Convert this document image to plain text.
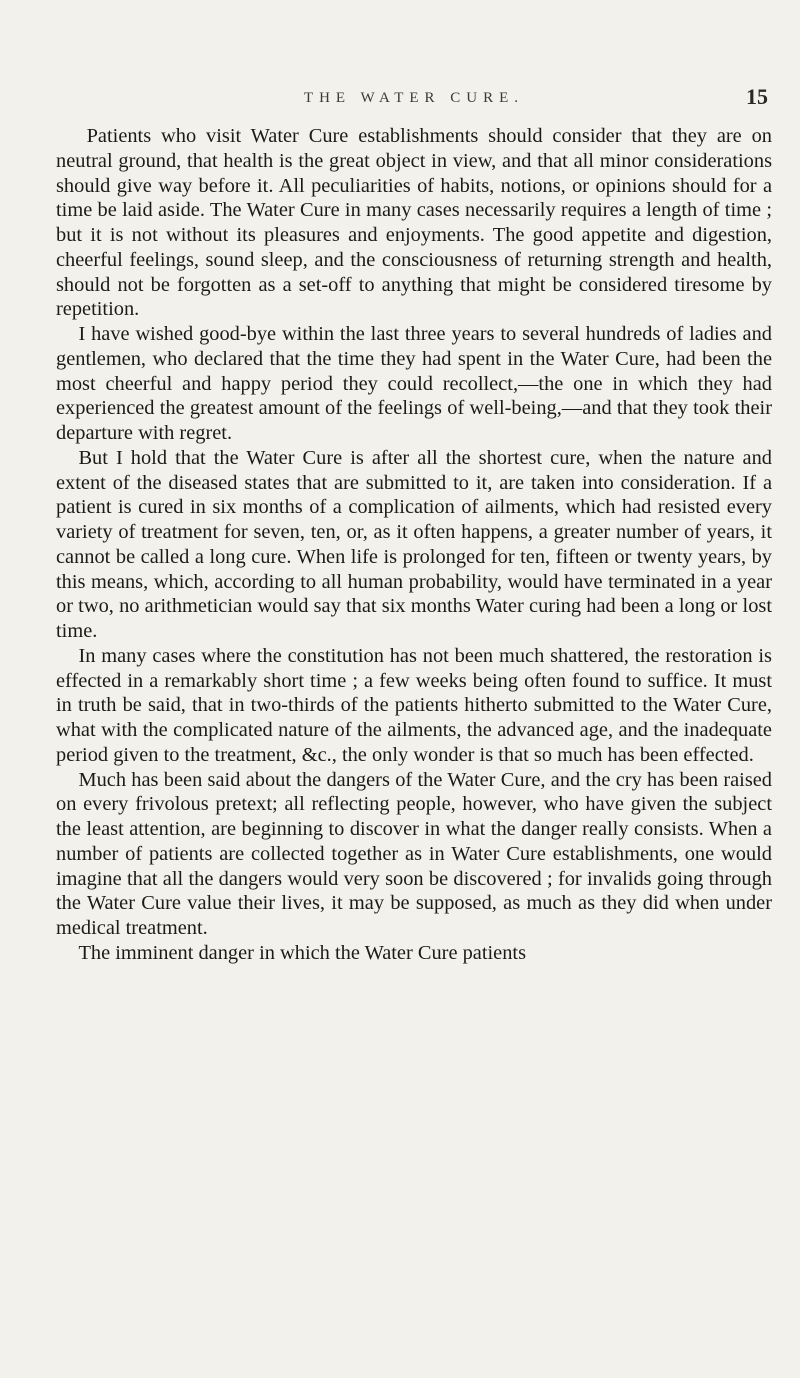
THE WATER CURE.	15

Patients who visit Water Cure establishments should consider that they are on neutral ground, that health is the great object in view, and that all minor considerations should give way before it. All peculiarities of habits, notions, or opinions should for a time be laid aside. The Water Cure in many cases necessarily requires a length of time ; but it is not without its pleasures and enjoyments. The good appetite and digestion, cheerful feelings, sound sleep, and the consciousness of returning strength and health, should not be forgotten as a set-off to anything that might be considered tiresome by repetition.

I have wished good-bye within the last three years to several hundreds of ladies and gentlemen, who declared that the time they had spent in the Water Cure, had been the most cheerful and happy period they could recollect,—the one in which they had experienced the greatest amount of the feelings of well-being,—and that they took their departure with regret.

But I hold that the Water Cure is after all the shortest cure, when the nature and extent of the diseased states that are submitted to it, are taken into consideration. If a patient is cured in six months of a complication of ailments, which had resisted every variety of treatment for seven, ten, or, as it often happens, a greater number of years, it cannot be called a long cure. When life is prolonged for ten, fifteen or twenty years, by this means, which, according to all human probability, would have terminated in a year or two, no arithmetician would say that six months Water curing had been a long or lost time.

In many cases where the constitution has not been much shattered, the restoration is effected in a remarkably short time ; a few weeks being often found to suffice. It must in truth be said, that in two-thirds of the patients hitherto submitted to the Water Cure, what with the complicated nature of the ailments, the advanced age, and the inadequate period given to the treatment, &c., the only wonder is that so much has been effected.

Much has been said about the dangers of the Water Cure, and the cry has been raised on every frivolous pretext; all reflecting people, however, who have given the subject the least attention, are beginning to discover in what the danger really consists. When a number of patients are collected together as in Water Cure establishments, one would imagine that all the dangers would very soon be discovered ; for invalids going through the Water Cure value their lives, it may be supposed, as much as they did when under medical treatment.

The imminent danger in which the Water Cure patients
